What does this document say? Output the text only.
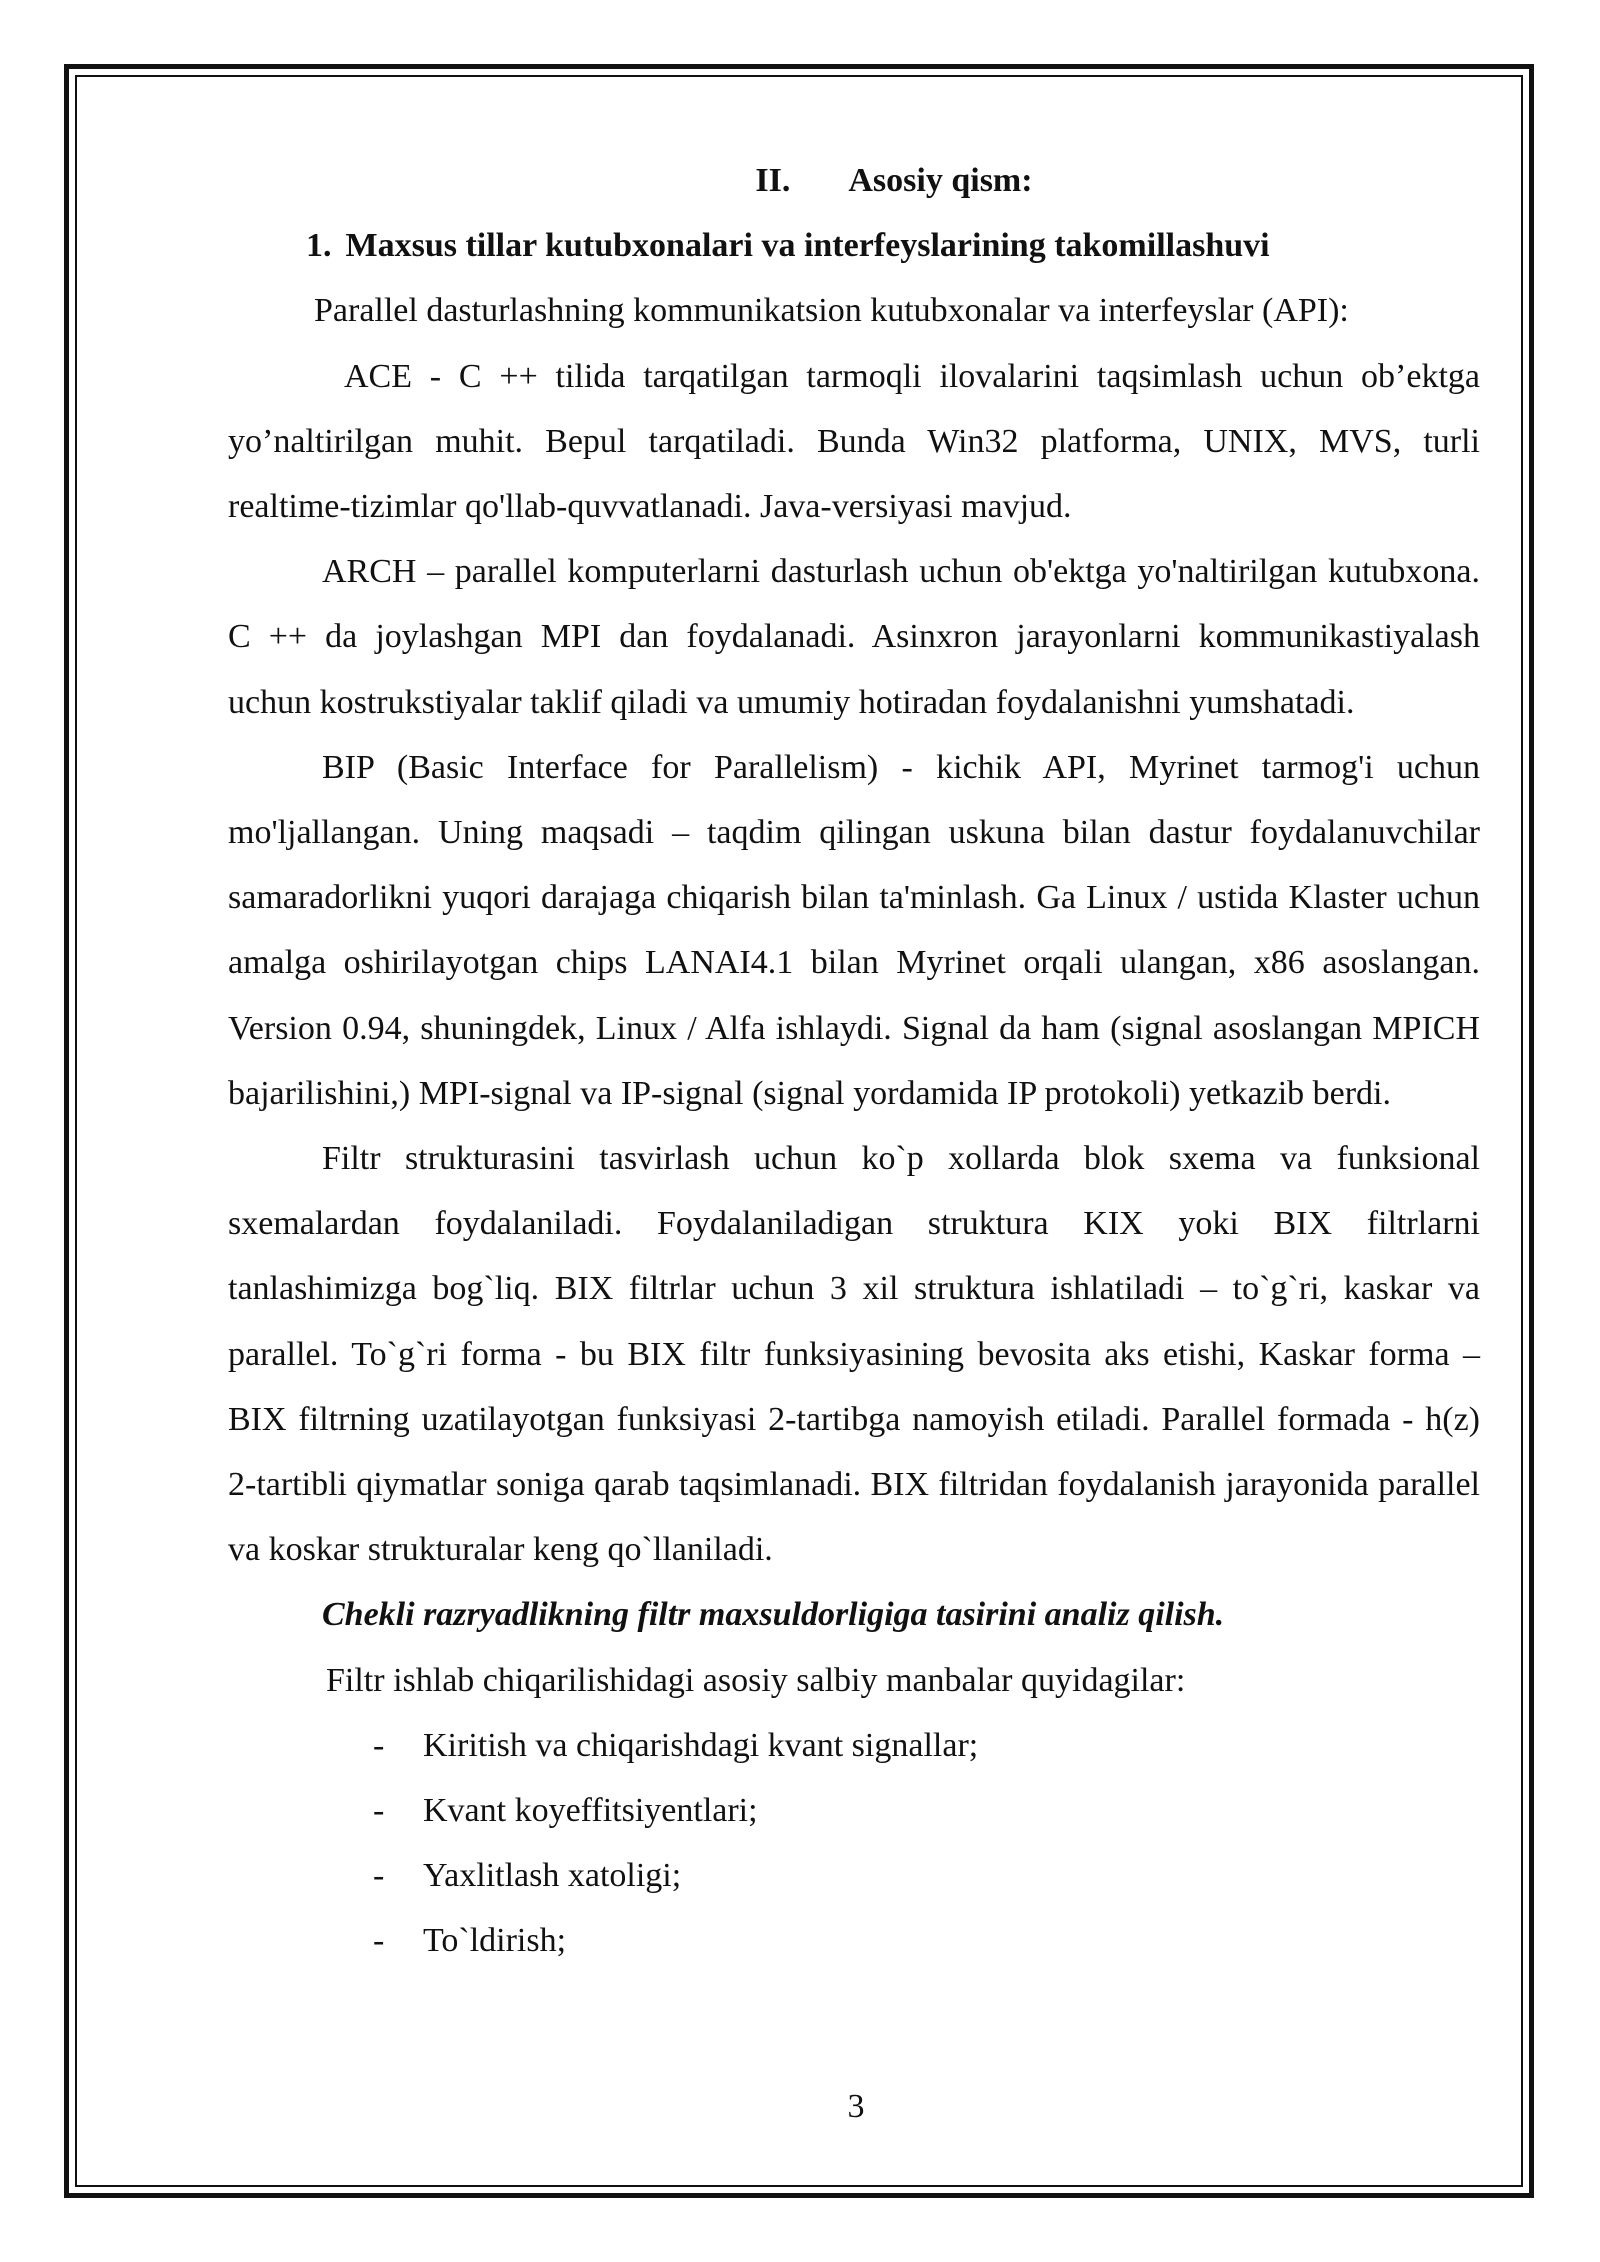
II. Asosiy qism:

1. Maxsus tillar kutubxonalari va interfeyslarining takomillashuvi

Parallel dasturlashning kommunikatsion kutubxonalar va interfeyslar (API):

ACE - C ++ tilida tarqatilgan tarmoqli ilovalarini taqsimlash uchun ob’ektga yo’naltirilgan muhit. Bepul tarqatiladi. Bunda Win32 platforma, UNIX, MVS, turli realtime-tizimlar qo'llab-quvvatlanadi. Java-versiyasi mavjud.

ARCH – parallel komputerlarni dasturlash uchun ob'ektga yo'naltirilgan kutubxona. C ++ da joylashgan MPI dan foydalanadi. Asinxron jarayonlarni kommunikastiyalash uchun kostrukstiyalar taklif qiladi va umumiy hotiradan foydalanishni yumshatadi.

BIP (Basic Interface for Parallelism) - kichik API, Myrinet tarmog'i uchun mo'ljallangan. Uning maqsadi – taqdim qilingan uskuna bilan dastur foydalanuvchilar samaradorlikni yuqori darajaga chiqarish bilan ta'minlash. Ga Linux / ustida Klaster uchun amalga oshirilayotgan chips LANAI4.1 bilan Myrinet orqali ulangan, x86 asoslangan. Version 0.94, shuningdek, Linux / Alfa ishlaydi. Signal da ham (signal asoslangan MPICH bajarilishini,) MPI-signal va IP-signal (signal yordamida IP protokoli) yetkazib berdi.

Filtr strukturasini tasvirlash uchun ko`p xollarda blok sxema va funksional sxemalardan foydalaniladi. Foydalaniladigan struktura KIX yoki BIX filtrlarni tanlashimizga bog`liq. BIX filtrlar uchun 3 xil struktura ishlatiladi – to`g`ri, kaskar va parallel. To`g`ri forma - bu BIX filtr funksiyasining bevosita aks etishi, Kaskar forma – BIX filtrning uzatilayotgan funksiyasi 2-tartibga namoyish etiladi. Parallel formada - h(z) 2-tartibli qiymatlar soniga qarab taqsimlanadi. BIX filtridan foydalanish jarayonida parallel va koskar strukturalar keng qo`llaniladi.

Chekli razryadlikning filtr maxsuldorligiga tasirini analiz qilish.

Filtr ishlab chiqarilishidagi asosiy salbiy manbalar quyidagilar:

- Kiritish va chiqarishdagi kvant signallar;
- Kvant koyeffitsiyentlari;
- Yaxlitlash xatoligi;
- To`ldirish;
3
